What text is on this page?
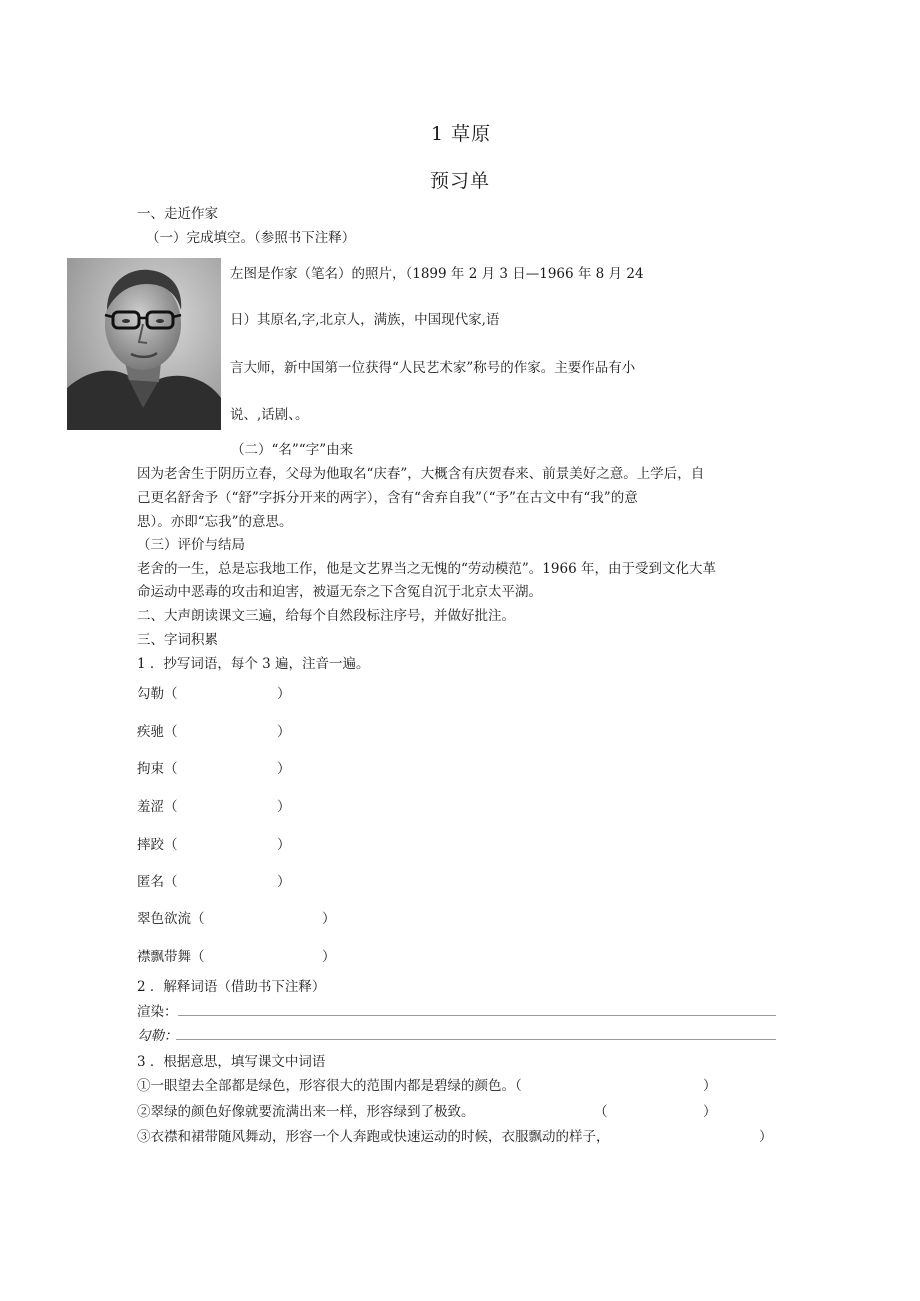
1 草原
预习单
一、走近作家
（一）完成填空。（参照书下注释）
左图是作家（笔名）的照片，（1899 年 2 月 3 日—1966 年 8 月 24
日）其原名,字,北京人，满族，中国现代家,语
言大师，新中国第一位获得“人民艺术家”称号的作家。主要作品有小
说、,话剧、。
（二）“名”“字”由来
因为老舍生于阴历立春，父母为他取名“庆春”，大概含有庆贺春来、前景美好之意。上学后，自
己更名舒舍予（“舒”字拆分开来的两字），含有“舍弃自我”（“予”在古文中有“我”的意
思）。亦即“忘我”的意思。
（三）评价与结局
老舍的一生，总是忘我地工作，他是文艺界当之无愧的“劳动模范”。1966 年，由于受到文化大革
命运动中恶毒的攻击和迫害，被逼无奈之下含冤自沉于北京太平湖。
二、大声朗读课文三遍，给每个自然段标注序号，并做好批注。
三、字词积累
1 ．抄写词语，每个 3 遍，注音一遍。
勾勒（	）
疾驰（	）
拘束（	）
羞涩（	）
摔跤（	）
匿名（	）
翠色欲流（	）
襟飘带舞（	）
2 ．解释词语（借助书下注释）
渲染：
勾勒：
3 ．根据意思，填写课文中词语
①一眼望去全部都是绿色，形容很大的范围内都是碧绿的颜色。（	）
②翠绿的颜色好像就要流满出来一样，形容绿到了极致。	（	）
③衣襟和裙带随风舞动，形容一个人奔跑或快速运动的时候，衣服飘动的样子，	）
